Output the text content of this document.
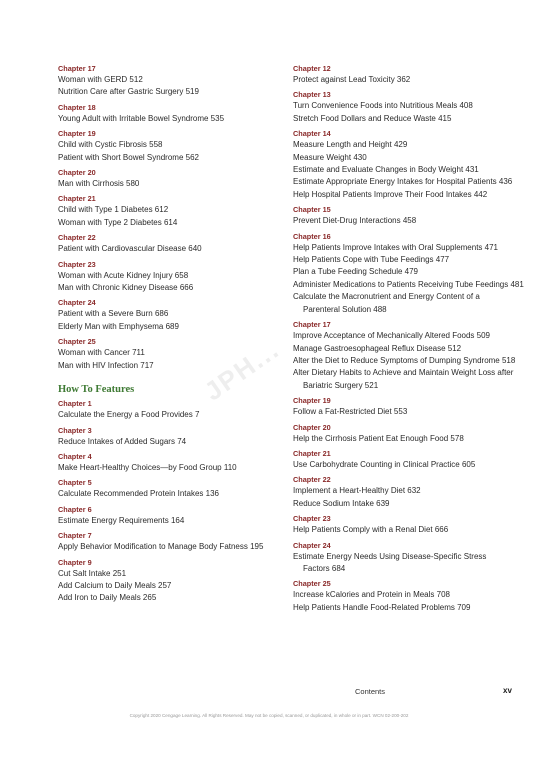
Chapter 17
Woman with GERD 512
Nutrition Care after Gastric Surgery 519
Chapter 18
Young Adult with Irritable Bowel Syndrome 535
Chapter 19
Child with Cystic Fibrosis 558
Patient with Short Bowel Syndrome 562
Chapter 20
Man with Cirrhosis 580
Chapter 21
Child with Type 1 Diabetes 612
Woman with Type 2 Diabetes 614
Chapter 22
Patient with Cardiovascular Disease 640
Chapter 23
Woman with Acute Kidney Injury 658
Man with Chronic Kidney Disease 666
Chapter 24
Patient with a Severe Burn 686
Elderly Man with Emphysema 689
Chapter 25
Woman with Cancer 711
Man with HIV Infection 717
How To Features
Chapter 1
Calculate the Energy a Food Provides 7
Chapter 3
Reduce Intakes of Added Sugars 74
Chapter 4
Make Heart-Healthy Choices—by Food Group 110
Chapter 5
Calculate Recommended Protein Intakes 136
Chapter 6
Estimate Energy Requirements 164
Chapter 7
Apply Behavior Modification to Manage Body Fatness 195
Chapter 9
Cut Salt Intake 251
Add Calcium to Daily Meals 257
Add Iron to Daily Meals 265
Chapter 12
Protect against Lead Toxicity 362
Chapter 13
Turn Convenience Foods into Nutritious Meals 408
Stretch Food Dollars and Reduce Waste 415
Chapter 14
Measure Length and Height 429
Measure Weight 430
Estimate and Evaluate Changes in Body Weight 431
Estimate Appropriate Energy Intakes for Hospital Patients 436
Help Hospital Patients Improve Their Food Intakes 442
Chapter 15
Prevent Diet-Drug Interactions 458
Chapter 16
Help Patients Improve Intakes with Oral Supplements 471
Help Patients Cope with Tube Feedings 477
Plan a Tube Feeding Schedule 479
Administer Medications to Patients Receiving Tube Feedings 481
Calculate the Macronutrient and Energy Content of a
Parenteral Solution 488
Chapter 17
Improve Acceptance of Mechanically Altered Foods 509
Manage Gastroesophageal Reflux Disease 512
Alter the Diet to Reduce Symptoms of Dumping Syndrome 518
Alter Dietary Habits to Achieve and Maintain Weight Loss after
Bariatric Surgery 521
Chapter 19
Follow a Fat-Restricted Diet 553
Chapter 20
Help the Cirrhosis Patient Eat Enough Food 578
Chapter 21
Use Carbohydrate Counting in Clinical Practice 605
Chapter 22
Implement a Heart-Healthy Diet 632
Reduce Sodium Intake 639
Chapter 23
Help Patients Comply with a Renal Diet 666
Chapter 24
Estimate Energy Needs Using Disease-Specific Stress
Factors 684
Chapter 25
Increase kCalories and Protein in Meals 708
Help Patients Handle Food-Related Problems 709
JPH...
Contents	xv
Copyright 2020 Cengage Learning. All Rights Reserved. May not be copied, scanned, or duplicated, in whole or in part. WCN 02-200-202
